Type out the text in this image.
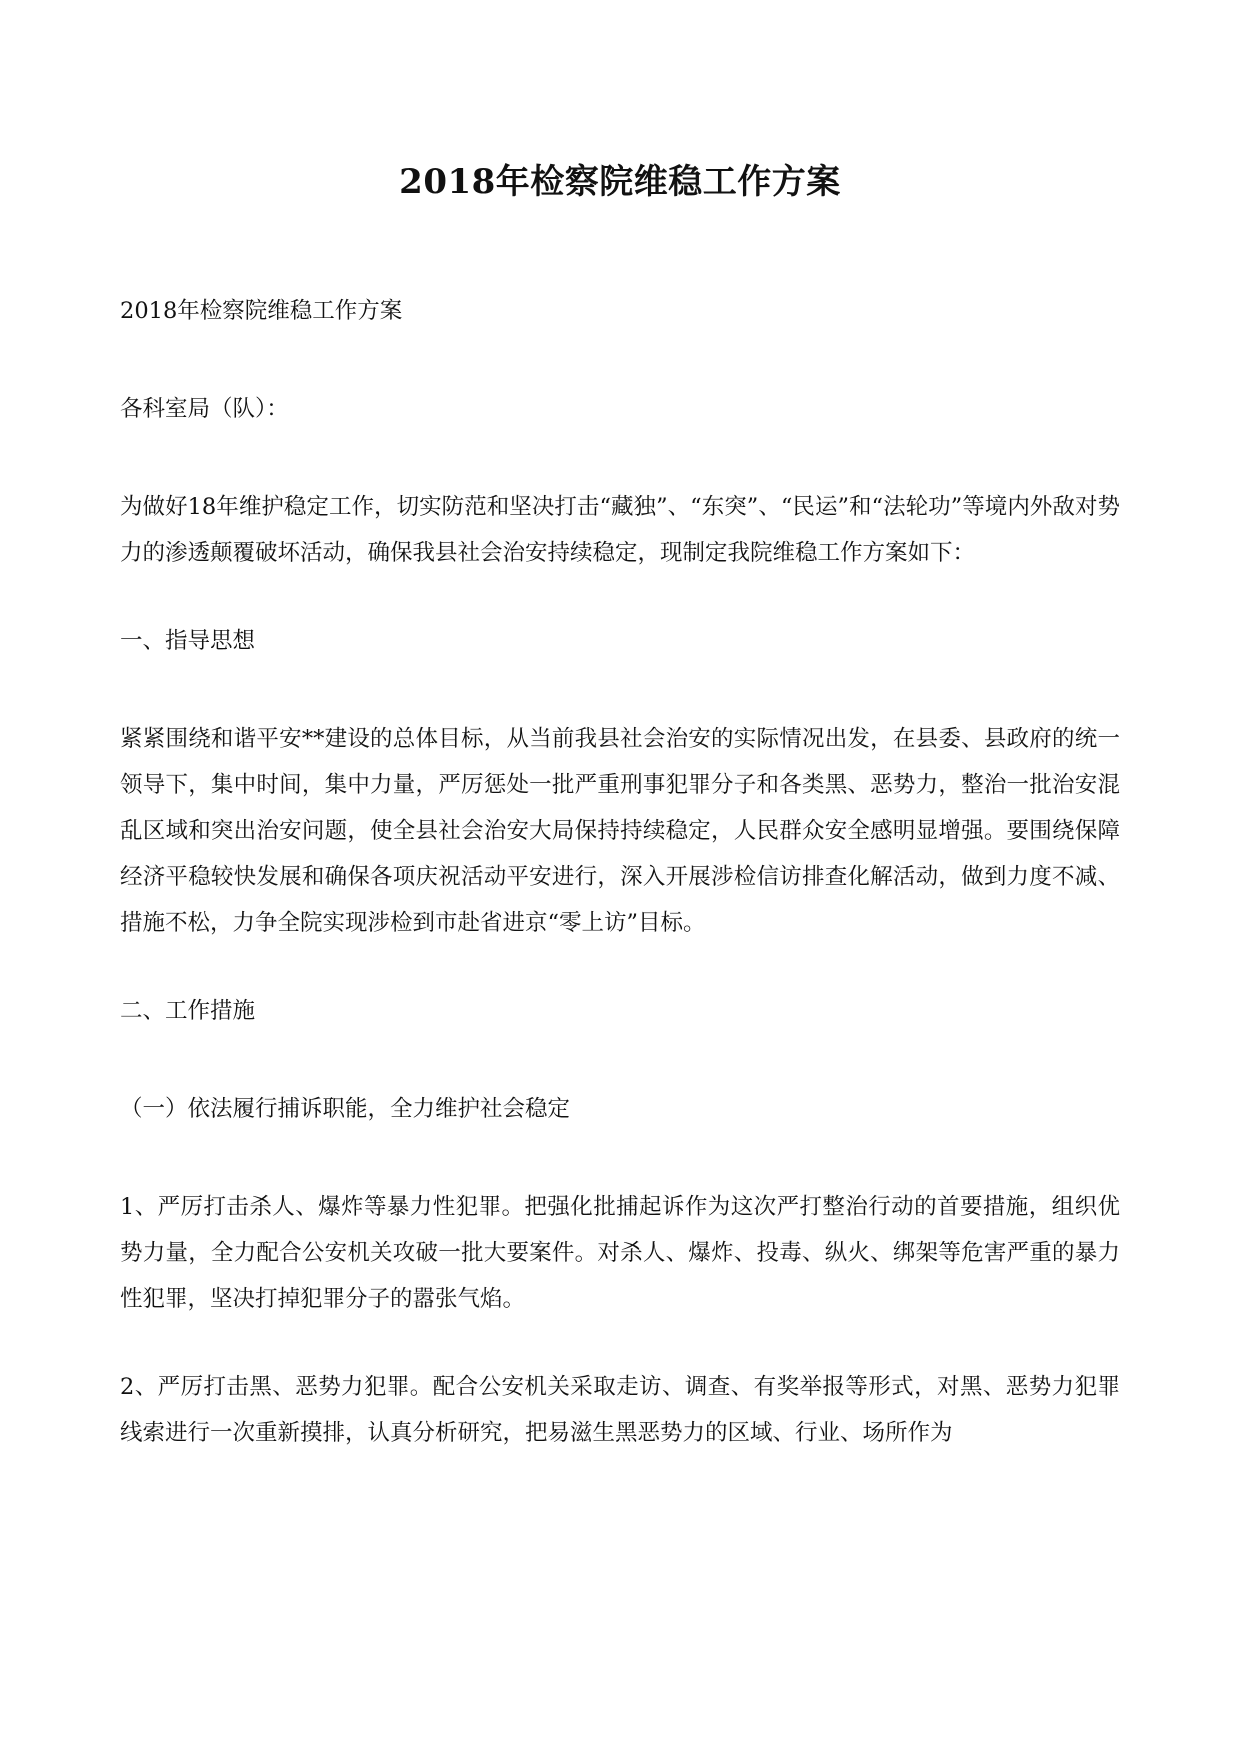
2018年检察院维稳工作方案

2018年检察院维稳工作方案

各科室局（队）：

为做好18年维护稳定工作，切实防范和坚决打击“藏独”、“东突”、“民运”和“法轮功”等境内外敌对势力的渗透颠覆破坏活动，确保我县社会治安持续稳定，现制定我院维稳工作方案如下：

一、指导思想

紧紧围绕和谐平安**建设的总体目标，从当前我县社会治安的实际情况出发，在县委、县政府的统一领导下，集中时间，集中力量，严厉惩处一批严重刑事犯罪分子和各类黑、恶势力，整治一批治安混乱区域和突出治安问题，使全县社会治安大局保持持续稳定，人民群众安全感明显增强。要围绕保障经济平稳较快发展和确保各项庆祝活动平安进行，深入开展涉检信访排查化解活动，做到力度不减、措施不松，力争全院实现涉检到市赴省进京“零上访”目标。

二、工作措施

（一）依法履行捕诉职能，全力维护社会稳定

1、严厉打击杀人、爆炸等暴力性犯罪。把强化批捕起诉作为这次严打整治行动的首要措施，组织优势力量，全力配合公安机关攻破一批大要案件。对杀人、爆炸、投毒、纵火、绑架等危害严重的暴力性犯罪，坚决打掉犯罪分子的嚣张气焰。

2、严厉打击黑、恶势力犯罪。配合公安机关采取走访、调查、有奖举报等形式，对黑、恶势力犯罪线索进行一次重新摸排，认真分析研究，把易滋生黑恶势力的区域、行业、场所作为
